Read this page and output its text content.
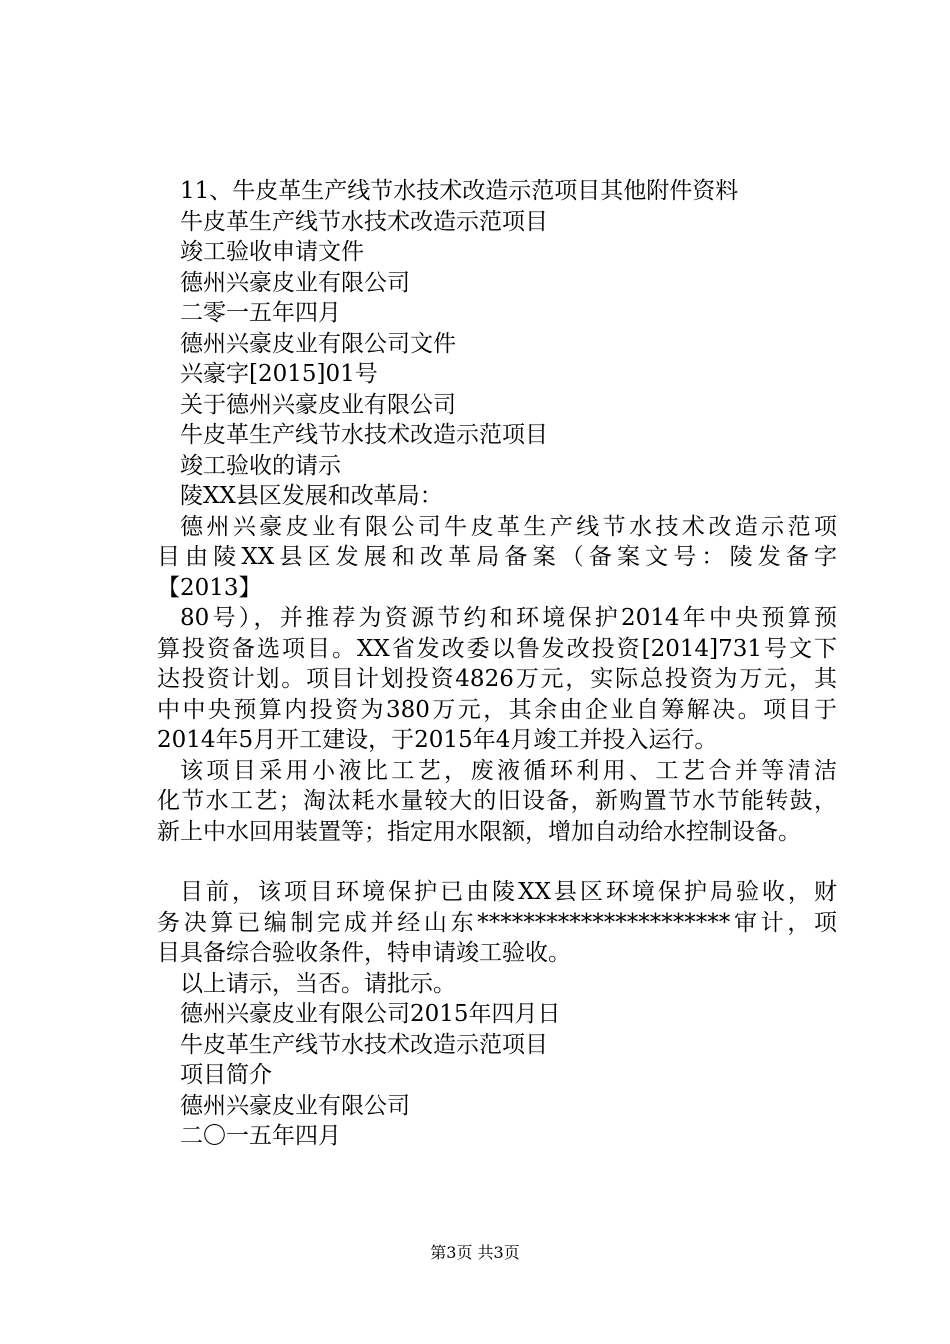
11、牛皮革生产线节水技术改造示范项目其他附件资料
牛皮革生产线节水技术改造示范项目
竣工验收申请文件
德州兴豪皮业有限公司
二零一五年四月
德州兴豪皮业有限公司文件
兴豪字[2015]01号
关于德州兴豪皮业有限公司
牛皮革生产线节水技术改造示范项目
竣工验收的请示
陵XX县区发展和改革局：
德州兴豪皮业有限公司牛皮革生产线节水技术改造示范项
目由陵XX县区发展和改革局备案（备案文号：陵发备字
【2013】
80号），并推荐为资源节约和环境保护2014年中央预算预
算投资备选项目。XX省发改委以鲁发改投资[2014]731号文下
达投资计划。项目计划投资4826万元，实际总投资为万元，其
中中央预算内投资为380万元，其余由企业自筹解决。项目于
2014年5月开工建设，于2015年4月竣工并投入运行。
该项目采用小液比工艺，废液循环利用、工艺合并等清洁
化节水工艺；淘汰耗水量较大的旧设备，新购置节水节能转鼓，
新上中水回用装置等；指定用水限额，增加自动给水控制设备。
目前，该项目环境保护已由陵XX县区环境保护局验收，财
务决算已编制完成并经山东**********************审计，项
目具备综合验收条件，特申请竣工验收。
以上请示，当否。请批示。
德州兴豪皮业有限公司2015年四月日
牛皮革生产线节水技术改造示范项目
项目简介
德州兴豪皮业有限公司
二〇一五年四月
第3页 共3页
